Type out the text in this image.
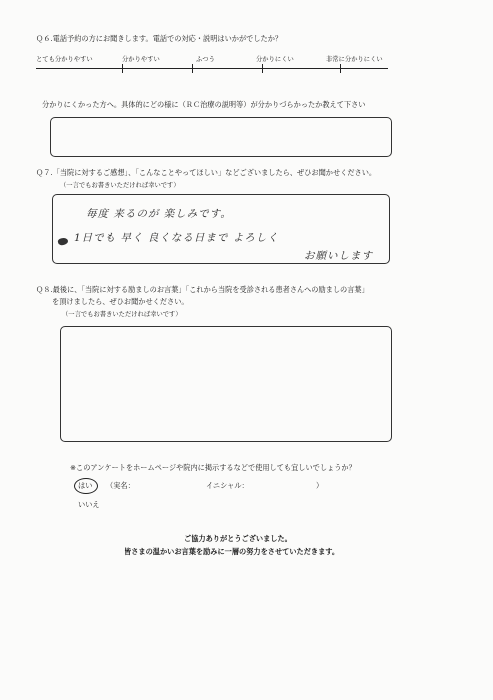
Ｑ６.電話予約の方にお聞きします。電話での対応・説明はいかがでしたか？
とても分かりやすい	分かりやすい	ふつう	分かりにくい	非常に分かりにくい
分かりにくかった方へ。具体的にどの様に（ＲＣ治療の説明等）が分かりづらかったか教えて下さい
Ｑ７.「当院に対するご感想」、「こんなことやってほしい」などございましたら、ぜひお聞かせください。
（一言でもお書きいただければ幸いです）
毎度 来るのが 楽しみです。
1日でも 早く 良くなる日まで よろしく
お願いします
Ｑ８.最後に、「当院に対する励ましのお言葉」「これから当院を受診される患者さんへの励ましの言葉」
を頂けましたら、ぜひお聞かせください。
（一言でもお書きいただければ幸いです）
※このアンケートをホームページや院内に掲示するなどで使用しても宜しいでしょうか？
はい （実名：	イニシャル：	）
いいえ
ご協力ありがとうございました。
皆さまの温かいお言葉を励みに一層の努力をさせていただきます。
